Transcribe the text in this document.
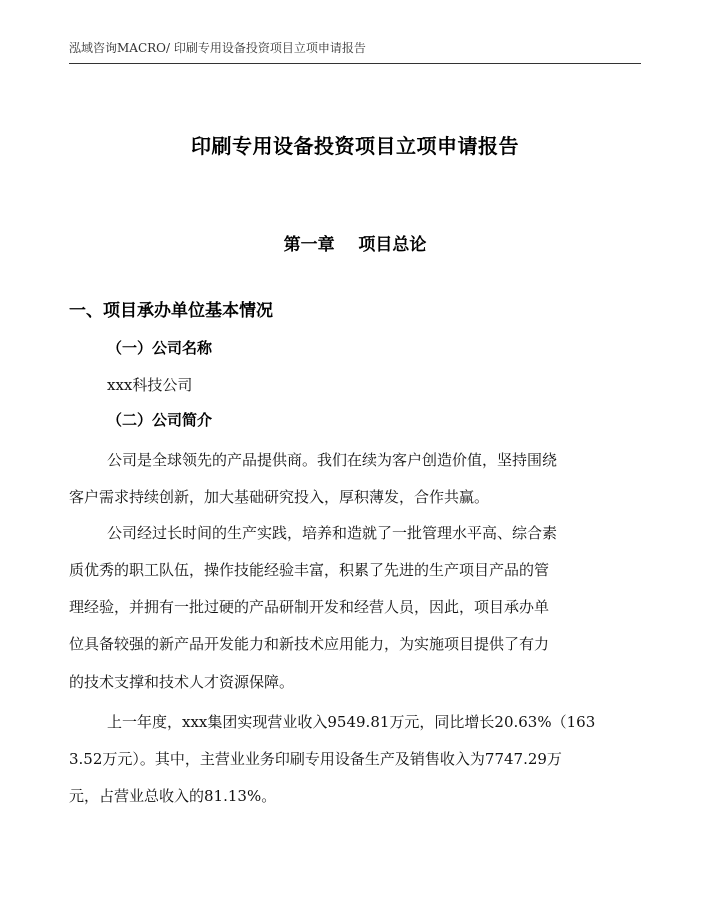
泓域咨询MACRO/ 印刷专用设备投资项目立项申请报告
印刷专用设备投资项目立项申请报告
第一章    项目总论
一、项目承办单位基本情况
（一）公司名称
xxx科技公司
（二）公司简介
公司是全球领先的产品提供商。我们在续为客户创造价值，坚持围绕
客户需求持续创新，加大基础研究投入，厚积薄发，合作共赢。
公司经过长时间的生产实践，培养和造就了一批管理水平高、综合素
质优秀的职工队伍，操作技能经验丰富，积累了先进的生产项目产品的管
理经验，并拥有一批过硬的产品研制开发和经营人员，因此，项目承办单
位具备较强的新产品开发能力和新技术应用能力，为实施项目提供了有力
的技术支撑和技术人才资源保障。
上一年度，xxx集团实现营业收入9549.81万元，同比增长20.63%（163
3.52万元）。其中，主营业业务印刷专用设备生产及销售收入为7747.29万
元，占营业总收入的81.13%。
